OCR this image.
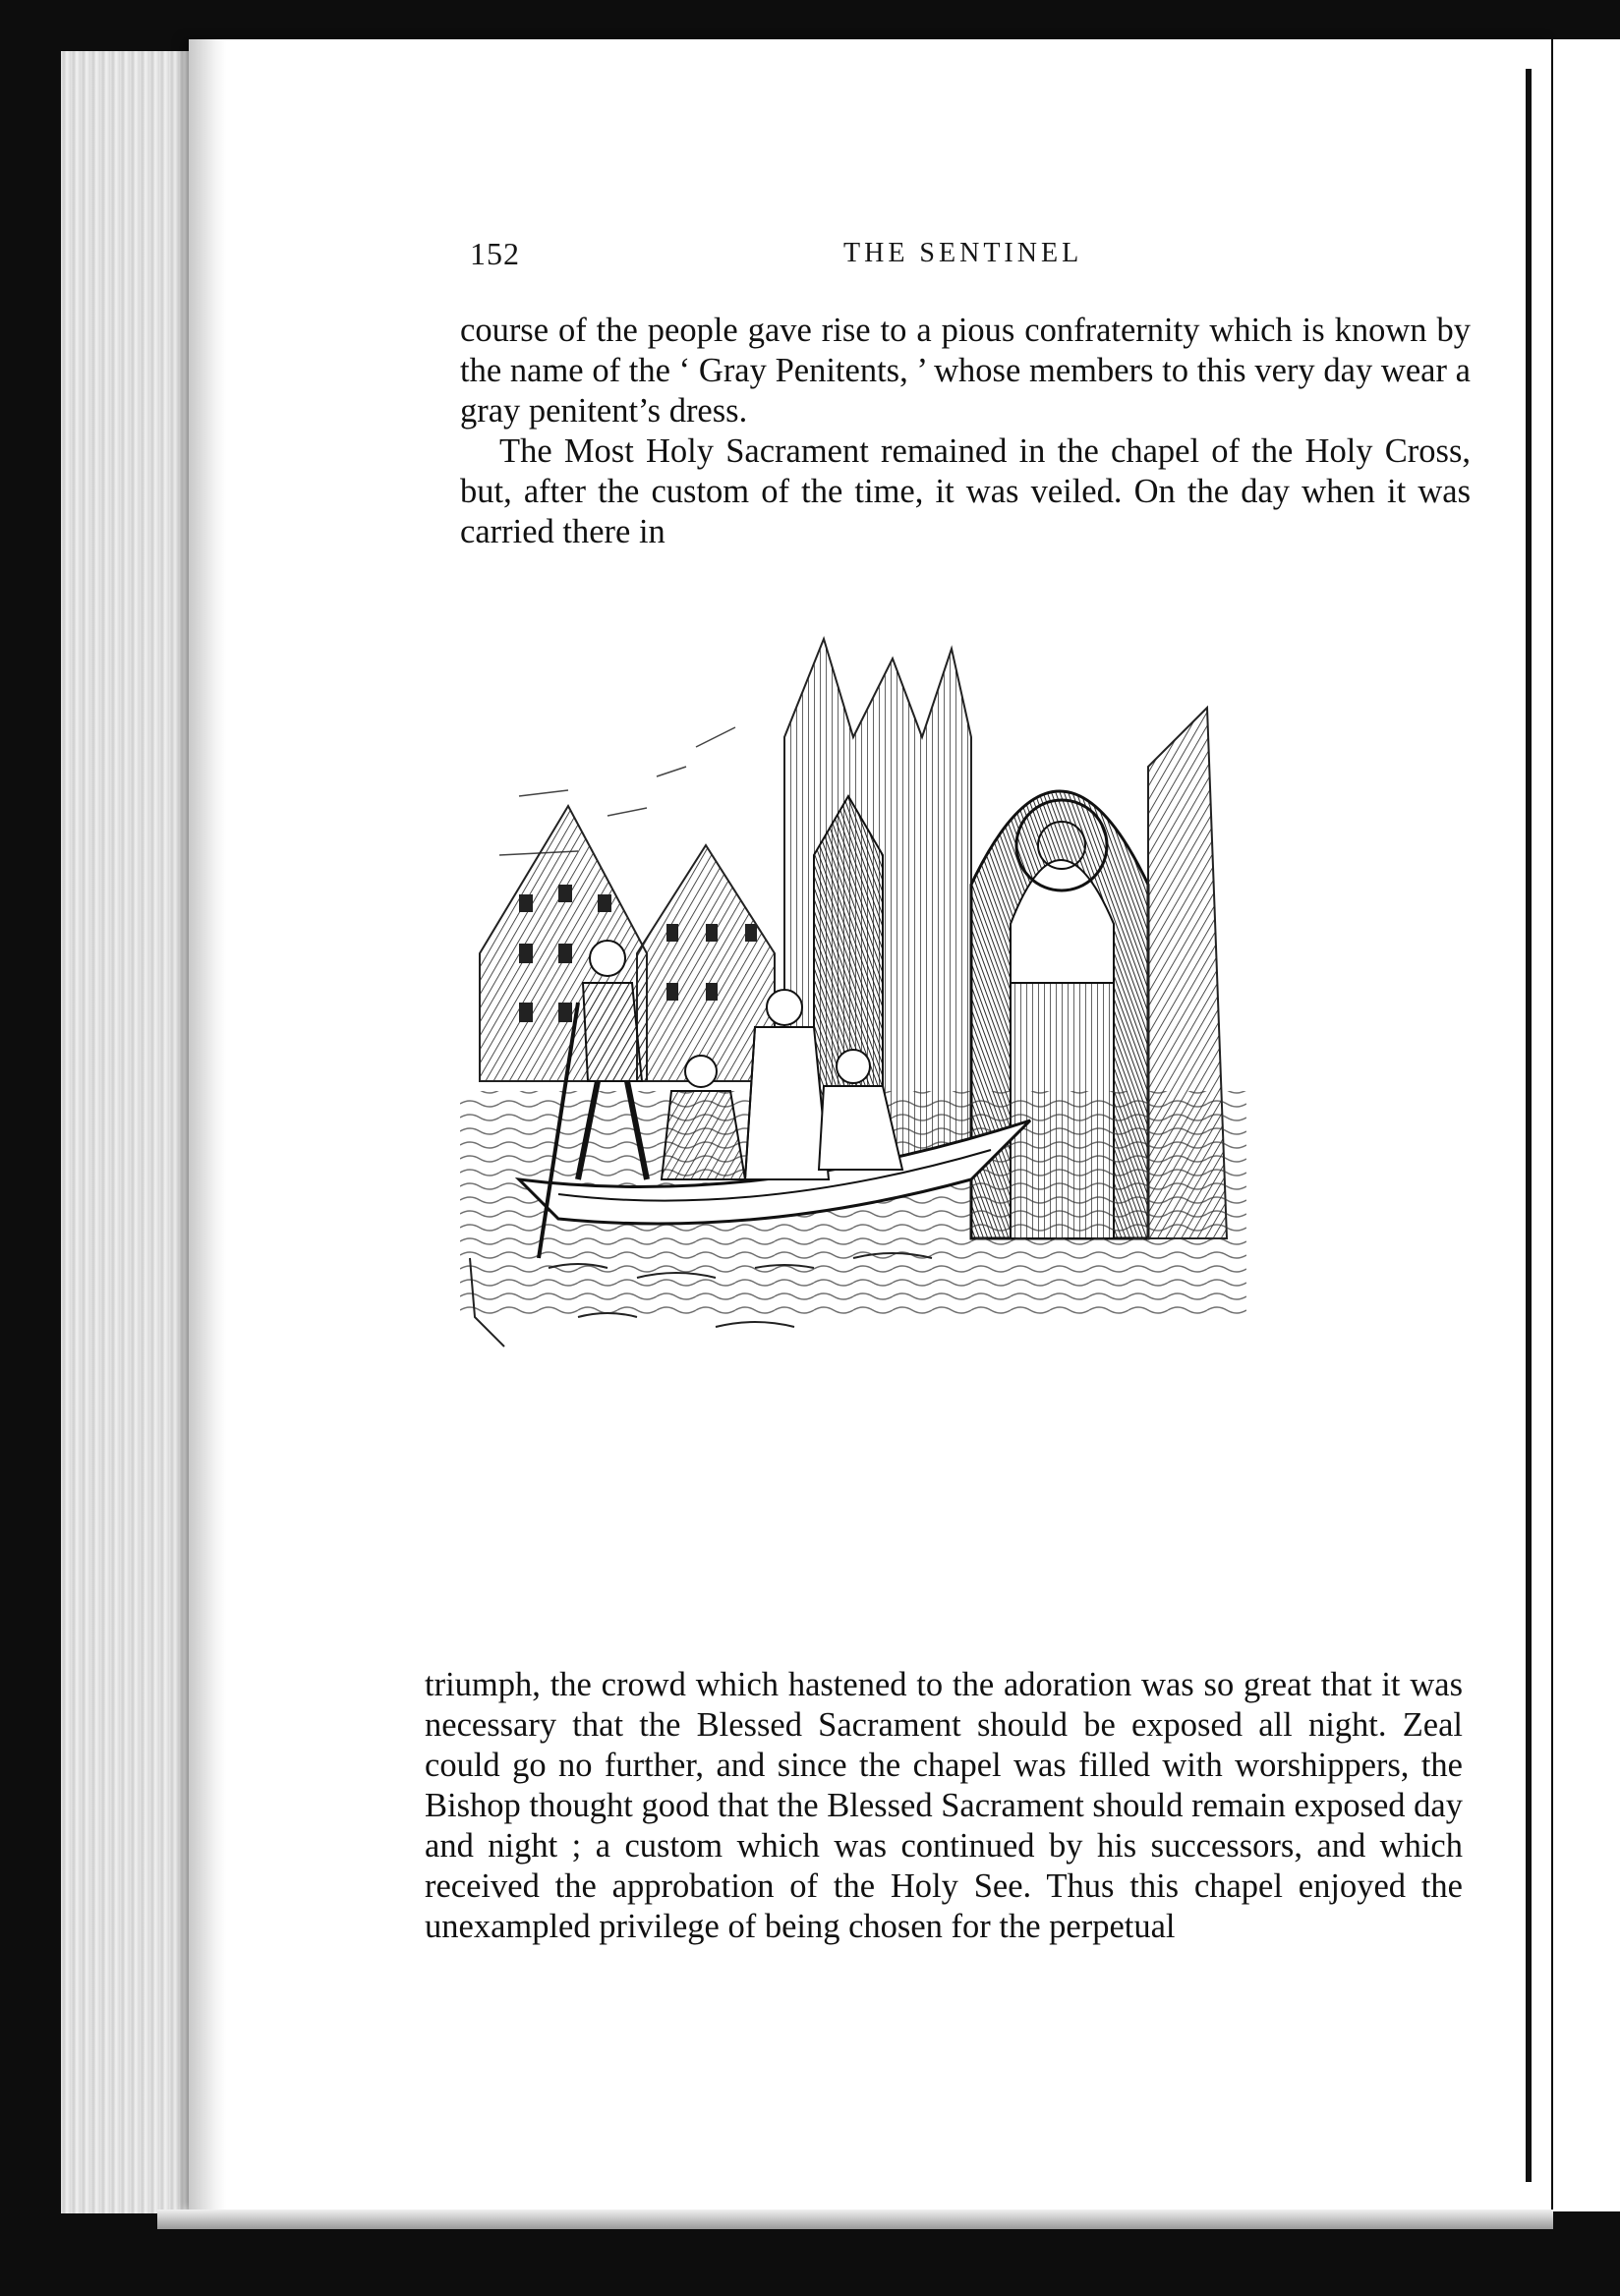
152	THE SENTINEL

course of the people gave rise to a pious confraternity which is known by the name of the ‘ Gray Penitents, ’ whose members to this very day wear a gray penitent’s dress.

The Most Holy Sacrament remained in the chapel of the Holy Cross, but, after the custom of the time, it was veiled. On the day when it was carried there in

triumph, the crowd which hastened to the adoration was so great that it was necessary that the Blessed Sacrament should be exposed all night. Zeal could go no further, and since the chapel was filled with worshippers, the Bishop thought good that the Blessed Sacrament should remain exposed day and night ; a custom which was continued by his successors, and which received the approbation of the Holy See. Thus this chapel enjoyed the unexampled privilege of being chosen for the perpetual
